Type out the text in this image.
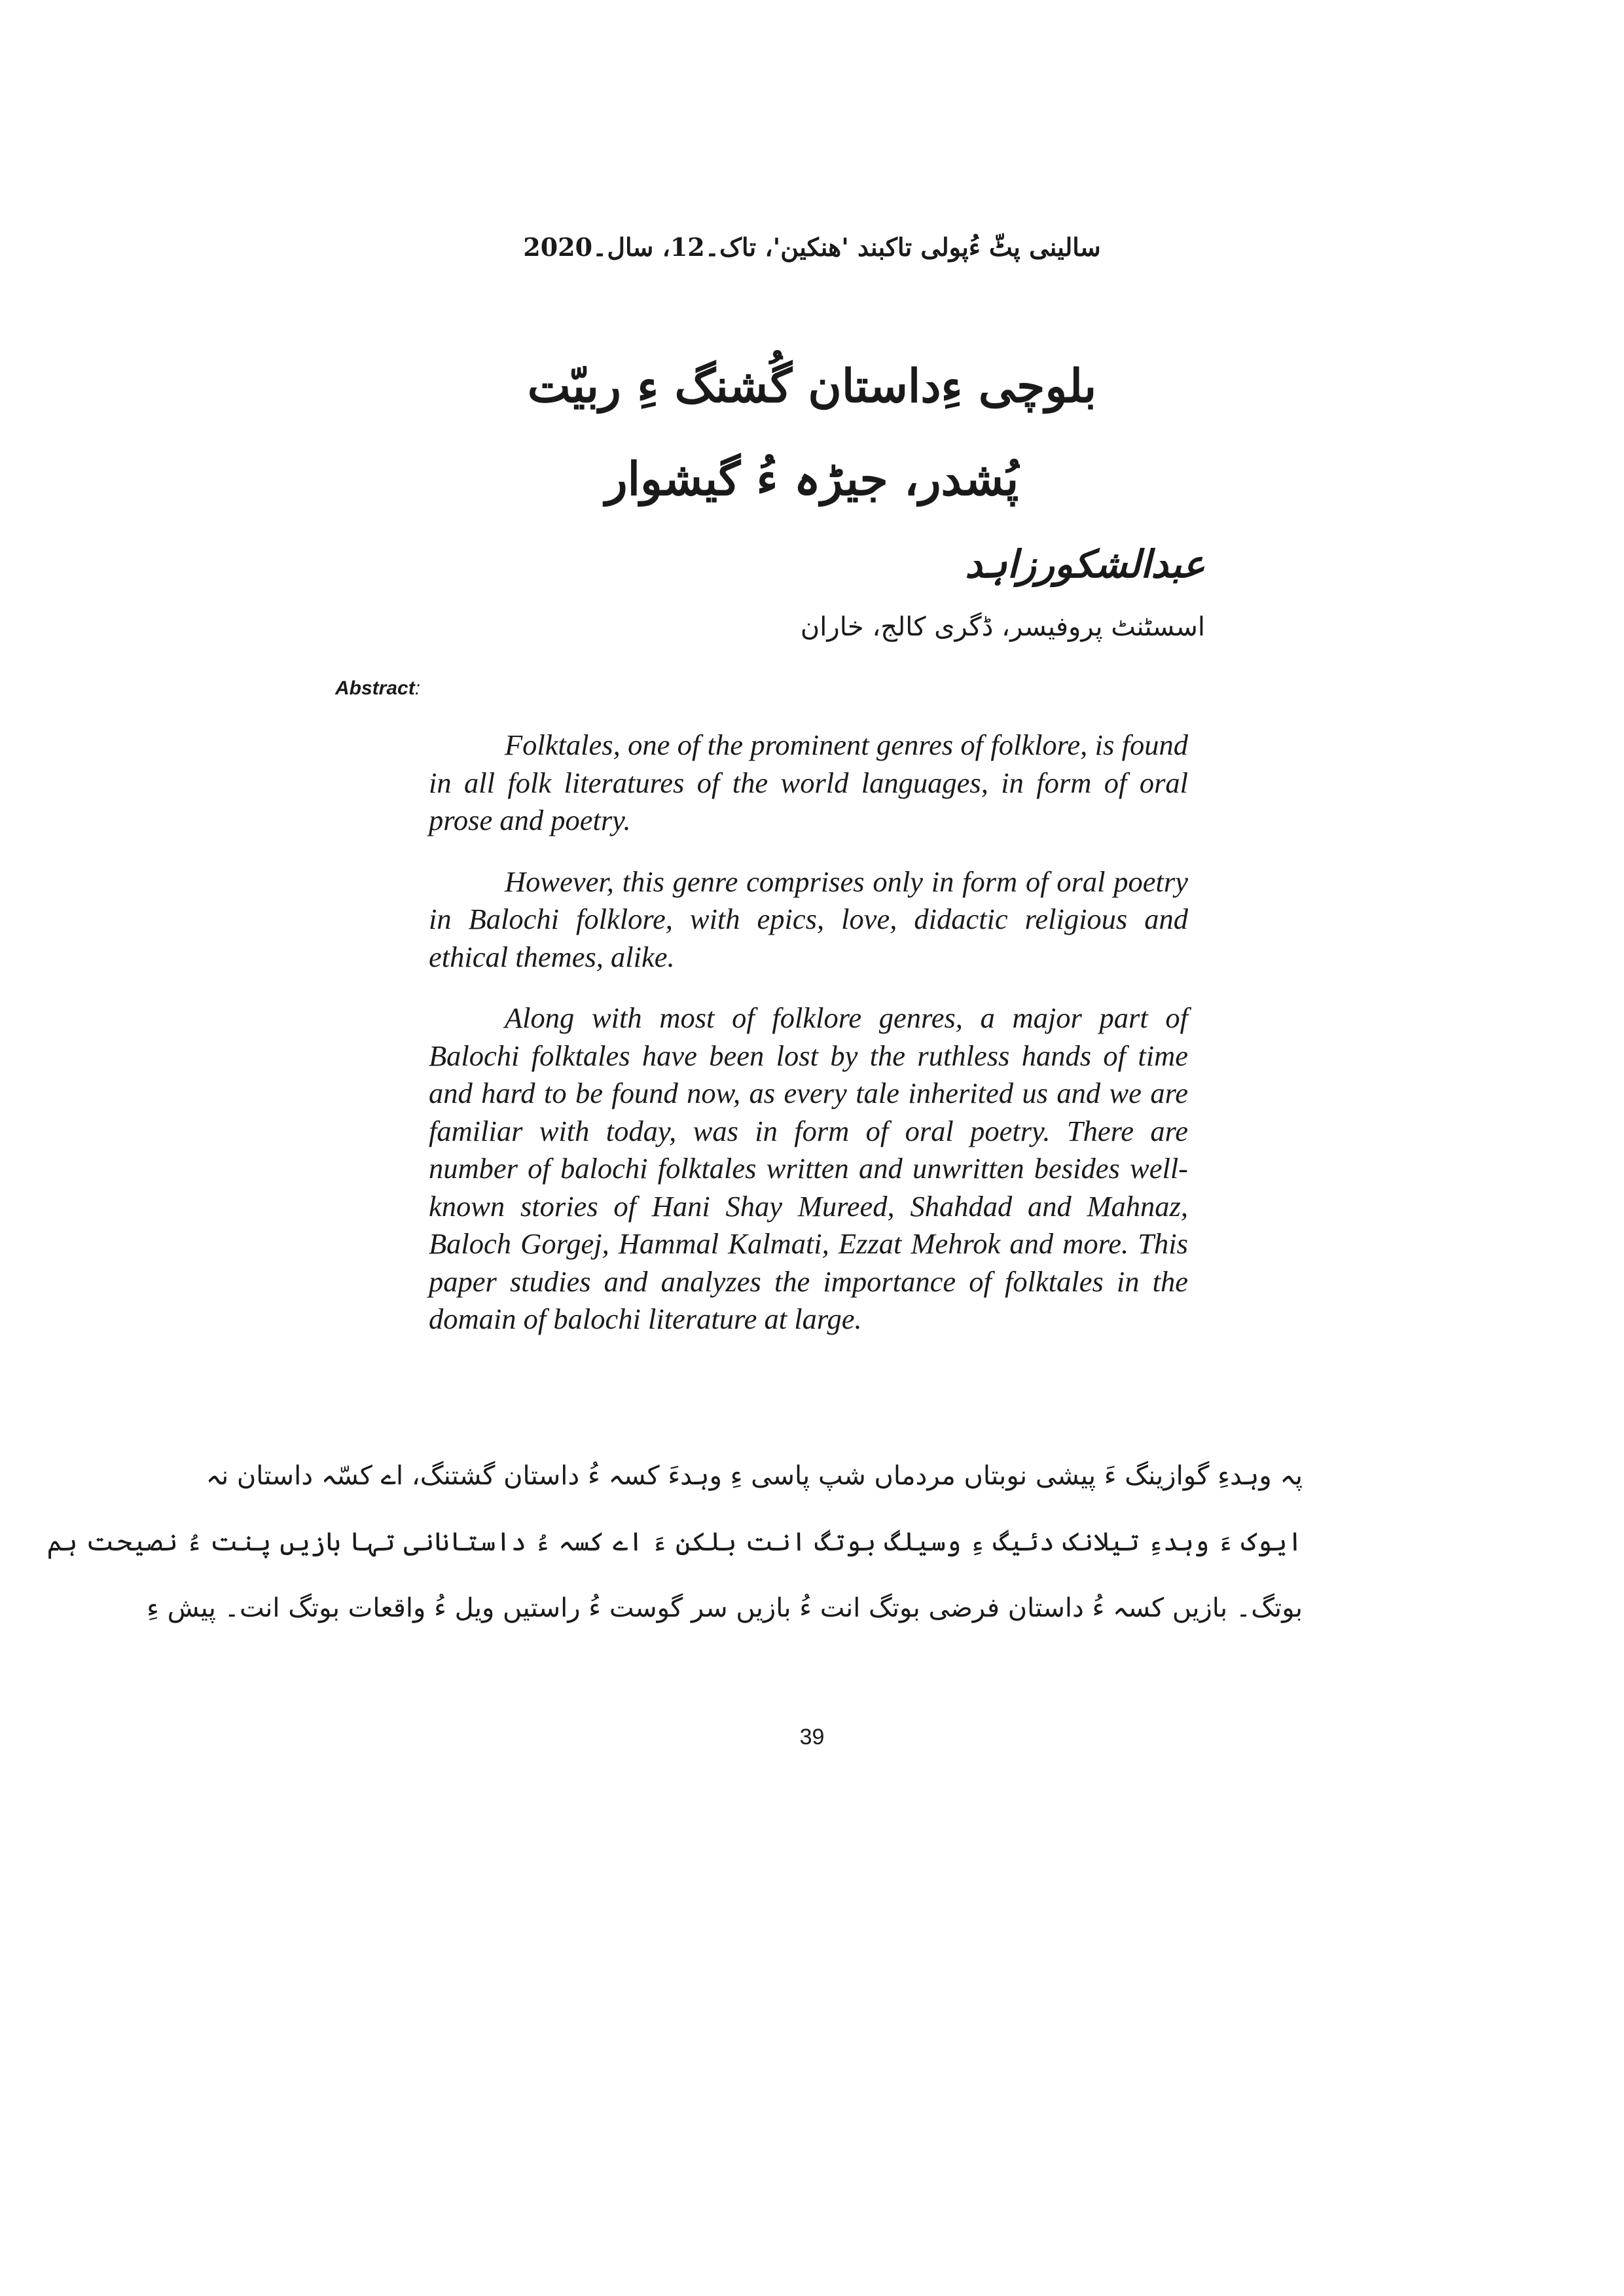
سالینی پٹّ ءُپولی تاکبند 'ھنکین'، تاک۔12، سال۔2020
بلوچی ءِداستان گُشنگ ءِ ربیّت
پُشدر، جیڑہ ءُ گیشوار
عبدالشکورزاہد
اسسٹنٹ پروفیسر، ڈگری کالج، خاران
Abstract:

Folktales, one of the prominent genres of folklore, is found in all folk literatures of the world languages, in form of oral prose and poetry.

However, this genre comprises only in form of oral poetry in Balochi folklore, with epics, love, didactic religious and ethical themes, alike.

Along with most of folklore genres, a major part of Balochi folktales have been lost by the ruthless hands of time and hard to be found now, as every tale inherited us and we are familiar with today, was in form of oral poetry. There are number of balochi folktales written and unwritten besides well-known stories of Hani Shay Mureed, Shahdad and Mahnaz, Baloch Gorgej, Hammal Kalmati, Ezzat Mehrok and more. This paper studies and analyzes the importance of folktales in the domain of balochi literature at large.

پہ وہدءِ گوازینگ ءَ پیشی نوبتاں مردماں شپ پاسی ءِ وہدءَ کسہ ءُ داستان گشتنگ، اے کسّہ داستان نہ
ایوک ءَ وہدءِ تیلانک دئیگ ءِ وسیلگ بوتگ انت بلکن ءَ اے کسہ ءُ داستانانی تہا بازیں پنت ءُ نصیحت ہم
بوتگ۔ بازیں کسہ ءُ داستان فرضی بوتگ انت ءُ بازیں سر گوست ءُ راستیں ویل ءُ واقعات بوتگ انت۔ پیش ءِ
39
